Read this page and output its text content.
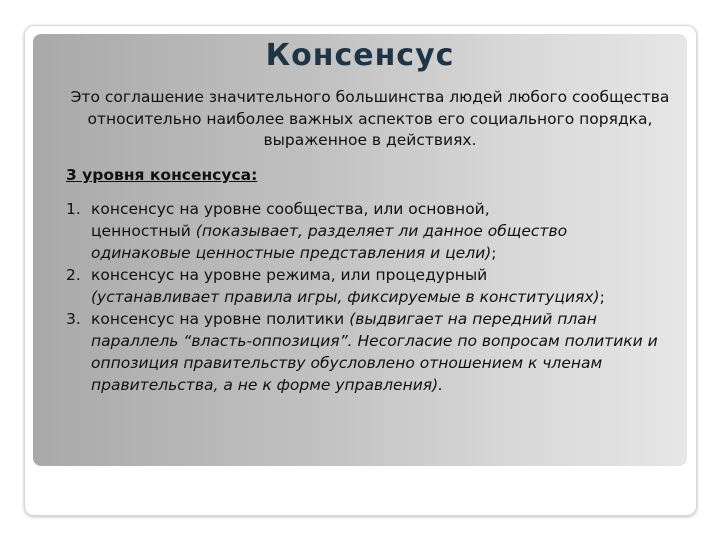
Консенсус

Это соглашение значительного большинства людей любого сообщества относительно наиболее важных аспектов его социального порядка, выраженное в действиях.

3 уровня консенсуса:

1. консенсус на уровне сообщества, или основной,
ценностный (показывает, разделяет ли данное общество одинаковые ценностные представления и цели);
2. консенсус на уровне режима, или процедурный
(устанавливает правила игры, фиксируемые в конституциях);
3. консенсус на уровне политики (выдвигает на передний план параллель “власть-оппозиция”. Несогласие по вопросам политики и оппозиция правительству обусловлено отношением к членам правительства, а не к форме управления).
